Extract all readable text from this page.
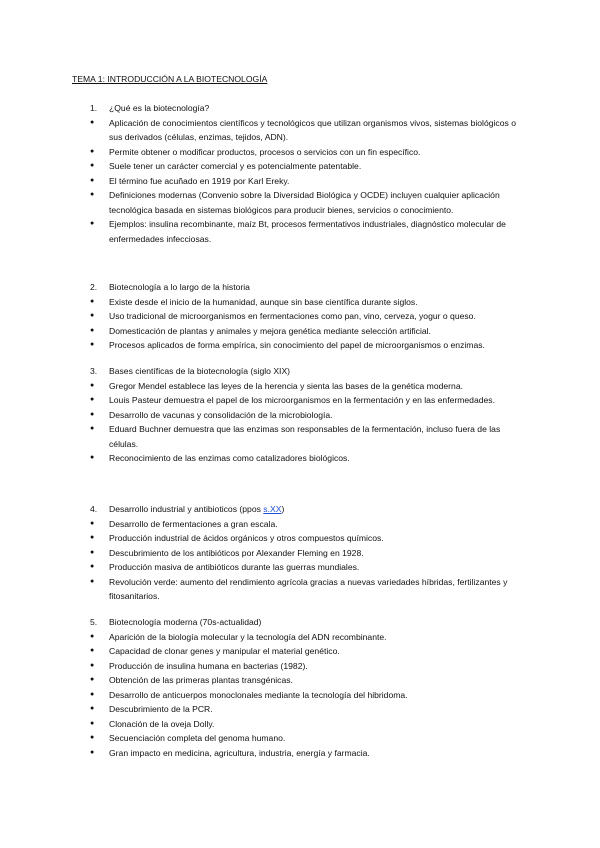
TEMA 1: INTRODUCCIÓN A LA BIOTECNOLOGÍA
1. ¿Qué es la biotecnología?
● Aplicación de conocimientos científicos y tecnológicos que utilizan organismos vivos, sistemas biológicos o sus derivados (células, enzimas, tejidos, ADN).
● Permite obtener o modificar productos, procesos o servicios con un fin específico.
● Suele tener un carácter comercial y es potencialmente patentable.
● El término fue acuñado en 1919 por Karl Ereky.
● Definiciones modernas (Convenio sobre la Diversidad Biológica y OCDE) incluyen cualquier aplicación tecnológica basada en sistemas biológicos para producir bienes, servicios o conocimiento.
● Ejemplos: insulina recombinante, maíz Bt, procesos fermentativos industriales, diagnóstico molecular de enfermedades infecciosas.
2. Biotecnología a lo largo de la historia
● Existe desde el inicio de la humanidad, aunque sin base científica durante siglos.
● Uso tradicional de microorganismos en fermentaciones como pan, vino, cerveza, yogur o queso.
● Domesticación de plantas y animales y mejora genética mediante selección artificial.
● Procesos aplicados de forma empírica, sin conocimiento del papel de microorganismos o enzimas.
3. Bases científicas de la biotecnología (siglo XIX)
● Gregor Mendel establece las leyes de la herencia y sienta las bases de la genética moderna.
● Louis Pasteur demuestra el papel de los microorganismos en la fermentación y en las enfermedades.
● Desarrollo de vacunas y consolidación de la microbiología.
● Eduard Buchner demuestra que las enzimas son responsables de la fermentación, incluso fuera de las células.
● Reconocimiento de las enzimas como catalizadores biológicos.
4. Desarrollo industrial y antibioticos (ppos s.XX)
● Desarrollo de fermentaciones a gran escala.
● Producción industrial de ácidos orgánicos y otros compuestos químicos.
● Descubrimiento de los antibióticos por Alexander Fleming en 1928.
● Producción masiva de antibióticos durante las guerras mundiales.
● Revolución verde: aumento del rendimiento agrícola gracias a nuevas variedades híbridas, fertilizantes y fitosanitarios.
5. Biotecnología moderna (70s-actualidad)
● Aparición de la biología molecular y la tecnología del ADN recombinante.
● Capacidad de clonar genes y manipular el material genético.
● Producción de insulina humana en bacterias (1982).
● Obtención de las primeras plantas transgénicas.
● Desarrollo de anticuerpos monoclonales mediante la tecnología del hibridoma.
● Descubrimiento de la PCR.
● Clonación de la oveja Dolly.
● Secuenciación completa del genoma humano.
● Gran impacto en medicina, agricultura, industria, energía y farmacia.
